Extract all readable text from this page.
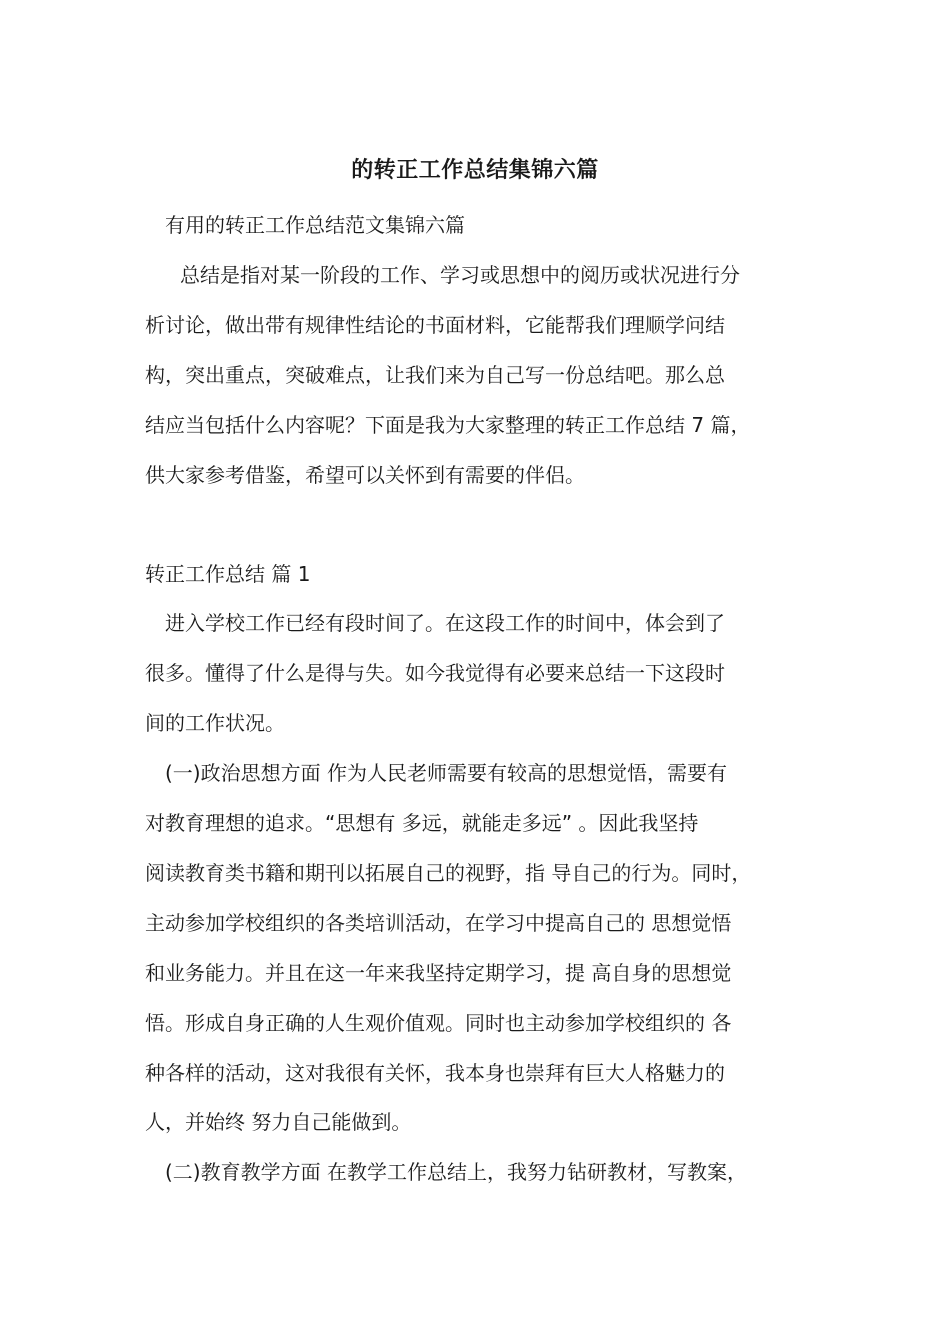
的转正工作总结集锦六篇
有用的转正工作总结范文集锦六篇
总结是指对某一阶段的工作、学习或思想中的阅历或状况进行分
析讨论，做出带有规律性结论的书面材料，它能帮我们理顺学问结
构，突出重点，突破难点，让我们来为自己写一份总结吧。那么总
结应当包括什么内容呢？下面是我为大家整理的转正工作总结 7 篇，
供大家参考借鉴，希望可以关怀到有需要的伴侣。
转正工作总结 篇 1
进入学校工作已经有段时间了。在这段工作的时间中，体会到了
很多。懂得了什么是得与失。如今我觉得有必要来总结一下这段时
间的工作状况。
(一)政治思想方面 作为人民老师需要有较高的思想觉悟，需要有
对教育理想的追求。“思想有 多远，就能走多远” 。因此我坚持
阅读教育类书籍和期刊以拓展自己的视野，指 导自己的行为。同时，
主动参加学校组织的各类培训活动，在学习中提高自己的 思想觉悟
和业务能力。并且在这一年来我坚持定期学习，提 高自身的思想觉
悟。形成自身正确的人生观价值观。同时也主动参加学校组织的 各
种各样的活动，这对我很有关怀，我本身也崇拜有巨大人格魅力的
人，并始终 努力自己能做到。
(二)教育教学方面 在教学工作总结上，我努力钻研教材，写教案，
